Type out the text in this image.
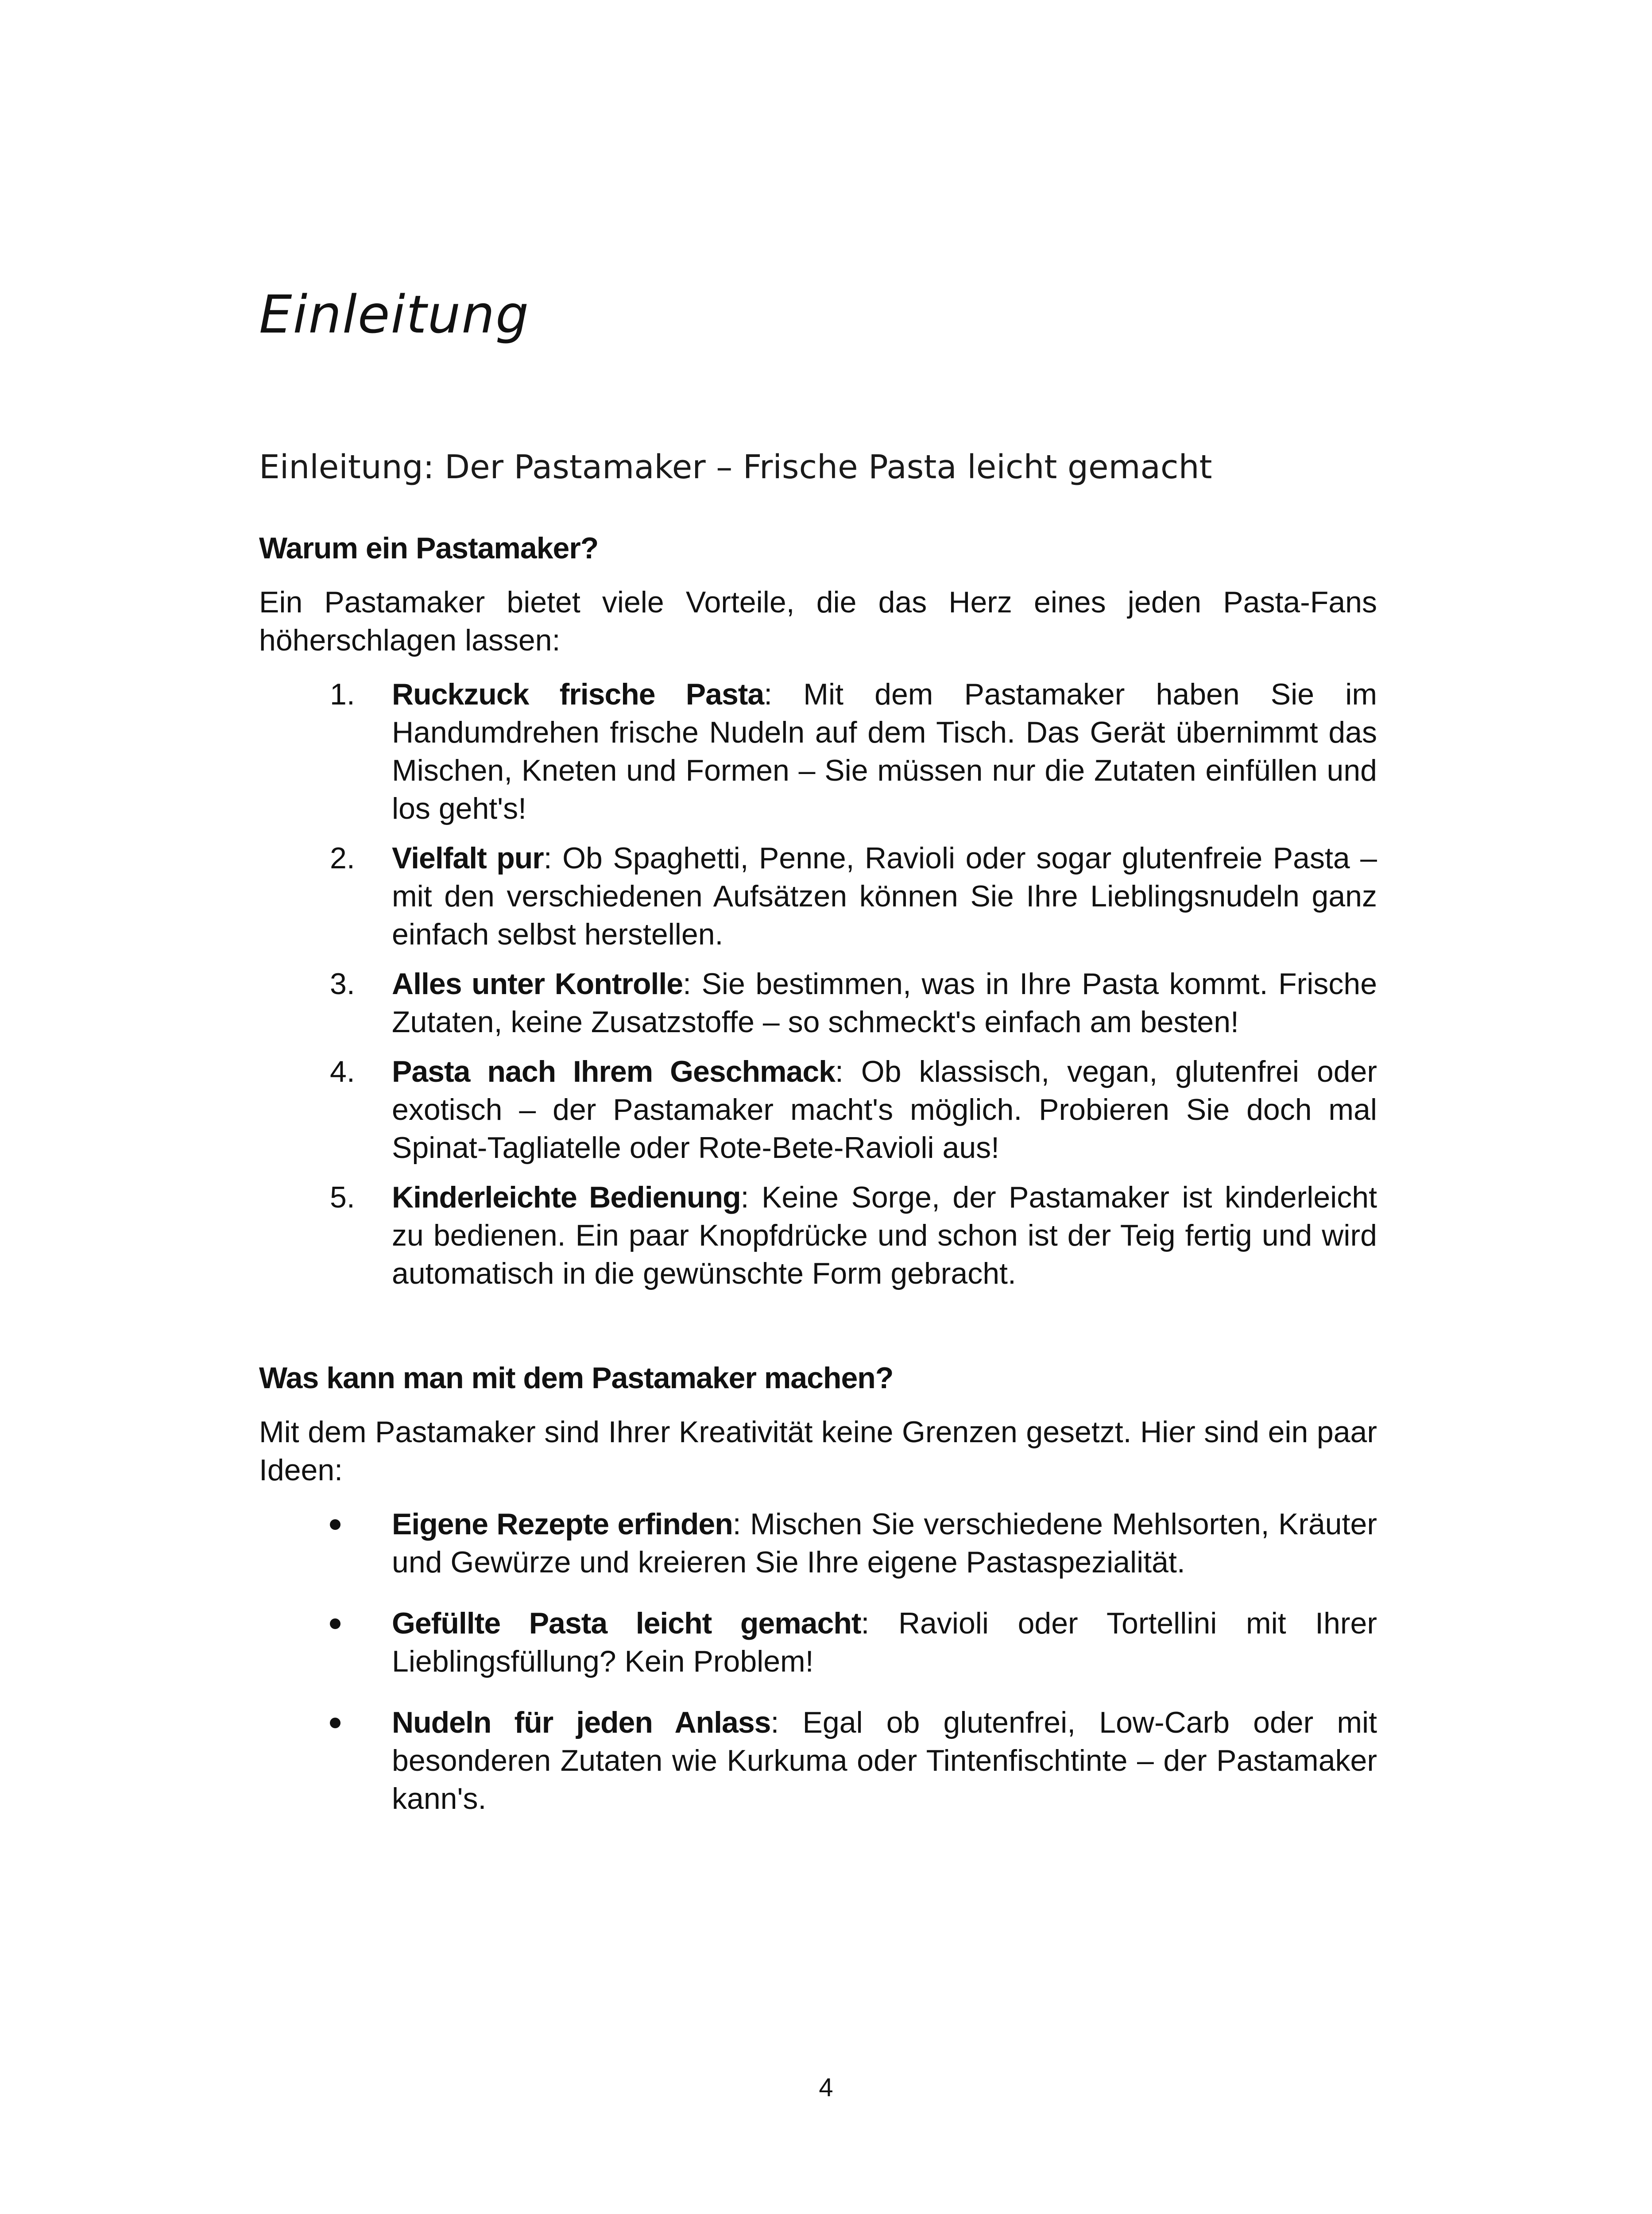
Einleitung

Einleitung: Der Pastamaker – Frische Pasta leicht gemacht

Warum ein Pastamaker?

Ein Pastamaker bietet viele Vorteile, die das Herz eines jeden Pasta-Fans höherschlagen lassen:

1.	Ruckzuck frische Pasta: Mit dem Pastamaker haben Sie im Handumdrehen frische Nudeln auf dem Tisch. Das Gerät übernimmt das Mischen, Kneten und Formen – Sie müssen nur die Zutaten einfüllen und los geht's!
2.	Vielfalt pur: Ob Spaghetti, Penne, Ravioli oder sogar glutenfreie Pasta – mit den verschiedenen Aufsätzen können Sie Ihre Lieblingsnudeln ganz einfach selbst herstellen.
3.	Alles unter Kontrolle: Sie bestimmen, was in Ihre Pasta kommt. Frische Zutaten, keine Zusatzstoffe – so schmeckt's einfach am besten!
4.	Pasta nach Ihrem Geschmack: Ob klassisch, vegan, glutenfrei oder exotisch – der Pastamaker macht's möglich. Probieren Sie doch mal Spinat-Tagliatelle oder Rote-Bete-Ravioli aus!
5.	Kinderleichte Bedienung: Keine Sorge, der Pastamaker ist kinderleicht zu bedienen. Ein paar Knopfdrücke und schon ist der Teig fertig und wird automatisch in die gewünschte Form gebracht.
Was kann man mit dem Pastamaker machen?

Mit dem Pastamaker sind Ihrer Kreativität keine Grenzen gesetzt. Hier sind ein paar Ideen:

Eigene Rezepte erfinden: Mischen Sie verschiedene Mehlsorten, Kräuter und Gewürze und kreieren Sie Ihre eigene Pastaspezialität.
Gefüllte Pasta leicht gemacht: Ravioli oder Tortellini mit Ihrer Lieblingsfüllung? Kein Problem!
Nudeln für jeden Anlass: Egal ob glutenfrei, Low-Carb oder mit besonderen Zutaten wie Kurkuma oder Tintenfischtinte – der Pastamaker kann's.
4
